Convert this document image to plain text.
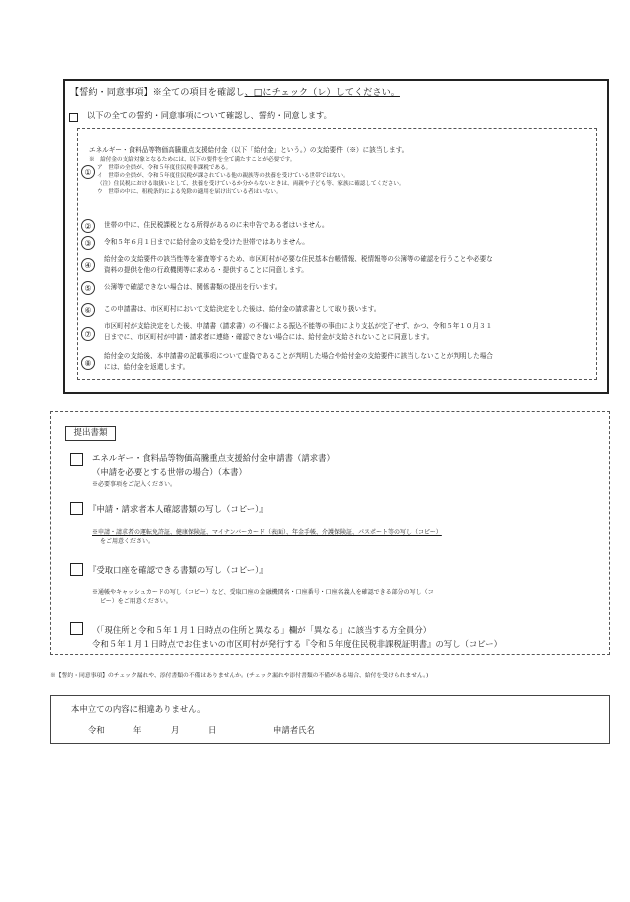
【誓約・同意事項】※全ての項目を確認し、□にチェック（レ）してください。
以下の全ての誓約・同意事項について確認し、誓約・同意します。
①
エネルギー・食料品等物価高騰重点支援給付金（以下「給付金」という。）の支給要件（※）に該当します。
※　給付金の支給対象となるためには、以下の要件を全て満たすことが必要です。
ア　世帯の全員が、令和５年度住民税非課税である。
イ　世帯の全員が、令和５年度住民税が課されている他の親族等の扶養を受けている世帯ではない。
（注）住民税における取扱いとして、扶養を受けているか分からないときは、両親や子ども等、家族に確認してください。
ウ　世帯の中に、租税条約による免除の適用を届け出ている者はいない。
②	世帯の中に、住民税課税となる所得があるのに未申告である者はいません。
③	令和５年６月１日までに給付金の支給を受けた世帯ではありません。
④
給付金の支給要件の該当性等を審査等するため、市区町村が必要な住民基本台帳情報、税情報等の公簿等の確認を行うことや必要な
資料の提供を他の行政機関等に求める・提供することに同意します。
⑤	公簿等で確認できない場合は、関係書類の提出を行います。
⑥	この申請書は、市区町村において支給決定をした後は、給付金の請求書として取り扱います。
⑦
市区町村が支給決定をした後、申請書（請求書）の不備による振込不能等の事由により支払が完了せず、かつ、令和５年１０月３１
日までに、市区町村が申請・請求者に連絡・確認できない場合には、給付金が支給されないことに同意します。
⑧
給付金の支給後、本申請書の記載事項について虚偽であることが判明した場合や給付金の支給要件に該当しないことが判明した場合
には、給付金を返還します。
提出書類
エネルギー・食料品等物価高騰重点支援給付金申請書（請求書）
（申請を必要とする世帯の場合）（本書）
※必要事項をご記入ください。
『申請・請求者本人確認書類の写し（コピー）』
※申請・請求者の運転免許証、健康保険証、マイナンバーカード（表面）、年金手帳、介護保険証、パスポート等の写し（コピー）
をご用意ください。
『受取口座を確認できる書類の写し（コピー）』
※通帳やキャッシュカードの写し（コピー）など、受取口座の金融機関名・口座番号・口座名義人を確認できる部分の写し（コ
ピー）をご用意ください。
（「現住所と令和５年１月１日時点の住所と異なる」欄が「異なる」に該当する方全員分）
令和５年１月１日時点でお住まいの市区町村が発行する『令和５年度住民税非課税証明書』の写し（コピー）
※【誓約・同意事項】のチェック漏れや、添付書類の不備はありませんか。(チェック漏れや添付書類の不備がある場合、給付を受けられません。)
本申立ての内容に相違ありません。
令和	年	月	日	申請者氏名
